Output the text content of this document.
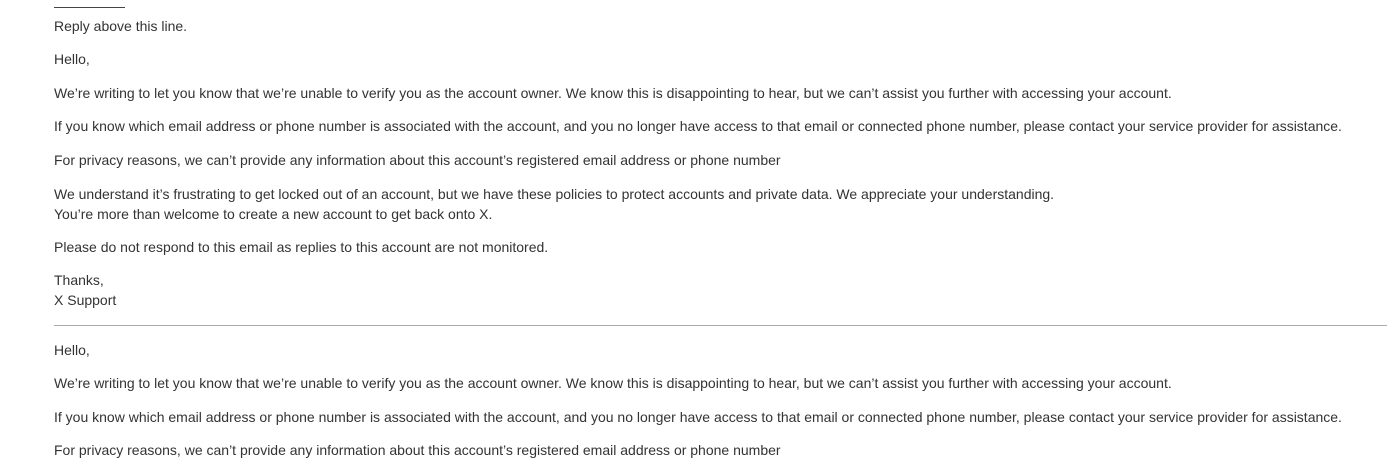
Reply above this line.

Hello,

We’re writing to let you know that we’re unable to verify you as the account owner. We know this is disappointing to hear, but we can’t assist you further with accessing your account.

If you know which email address or phone number is associated with the account, and you no longer have access to that email or connected phone number, please contact your service provider for assistance.

For privacy reasons, we can’t provide any information about this account’s registered email address or phone number

We understand it’s frustrating to get locked out of an account, but we have these policies to protect accounts and private data. We appreciate your understanding.

You’re more than welcome to create a new account to get back onto X.

Please do not respond to this email as replies to this account are not monitored.

Thanks,

X Support

Hello,

We’re writing to let you know that we’re unable to verify you as the account owner. We know this is disappointing to hear, but we can’t assist you further with accessing your account.

If you know which email address or phone number is associated with the account, and you no longer have access to that email or connected phone number, please contact your service provider for assistance.

For privacy reasons, we can’t provide any information about this account’s registered email address or phone number
